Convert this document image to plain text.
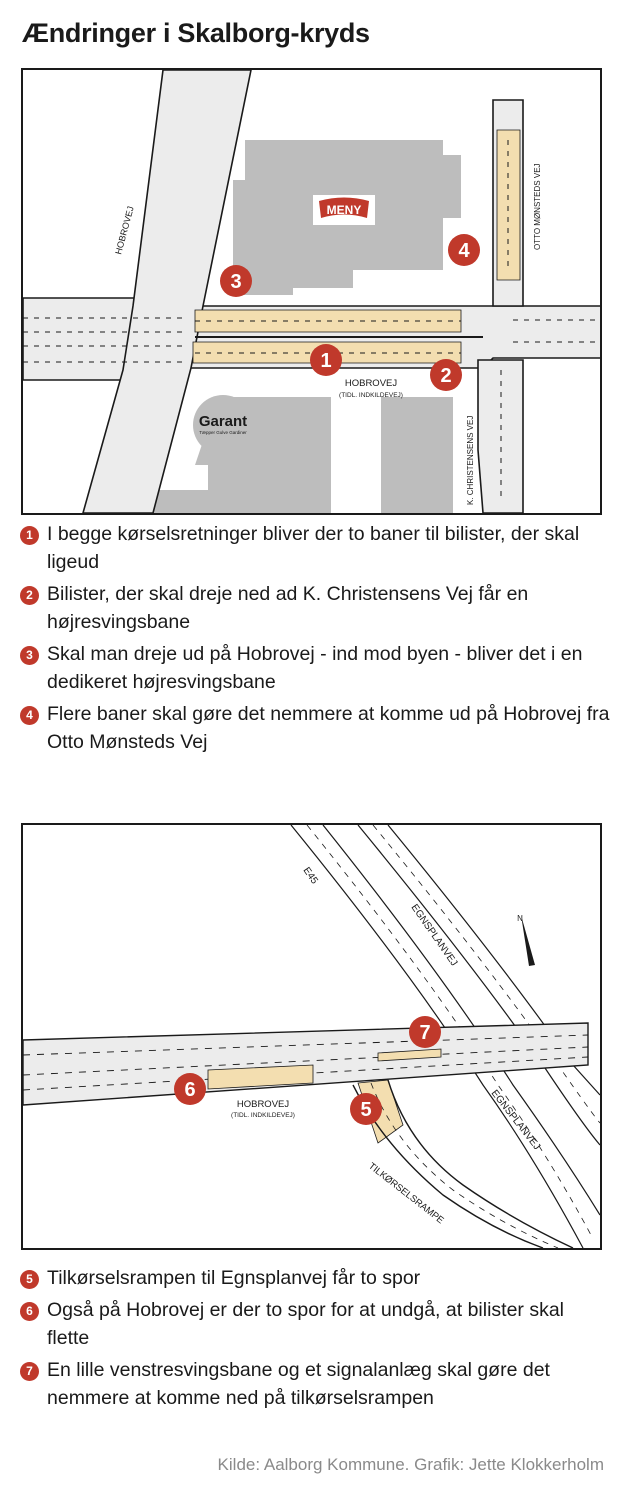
Ændringer i Skalborg-kryds
MENY
Garant
Tæpper Gulve Gardiner
HOBROVEJ
HOBROVEJ
(TIDL. INDKILDEVEJ)
K. CHRISTENSENS VEJ
OTTO MØNSTEDS VEJ
1
2
3
4
1 I begge kørselsretninger bliver der to baner til bilister, der skal ligeud
2 Bilister, der skal dreje ned ad K. Christensens Vej får en højresvingsbane
3 Skal man dreje ud på Hobrovej - ind mod byen - bliver det i en dedikeret højresvingsbane
4 Flere baner skal gøre det nemmere at komme ud på Hobrovej fra Otto Mønsteds Vej
N
E45
EGNSPLANVEJ
EGNSPLANVEJ
HOBROVEJ
(TIDL. INDKILDEVEJ)
TILKØRSELSRAMPE
5
6
7
5 Tilkørselsrampen til Egnsplanvej får to spor
6 Også på Hobrovej er der to spor for at undgå, at bilister skal flette
7 En lille venstresvingsbane og et signalanlæg skal gøre det nemmere at komme ned på tilkørselsrampen
Kilde: Aalborg Kommune. Grafik: Jette Klokkerholm
